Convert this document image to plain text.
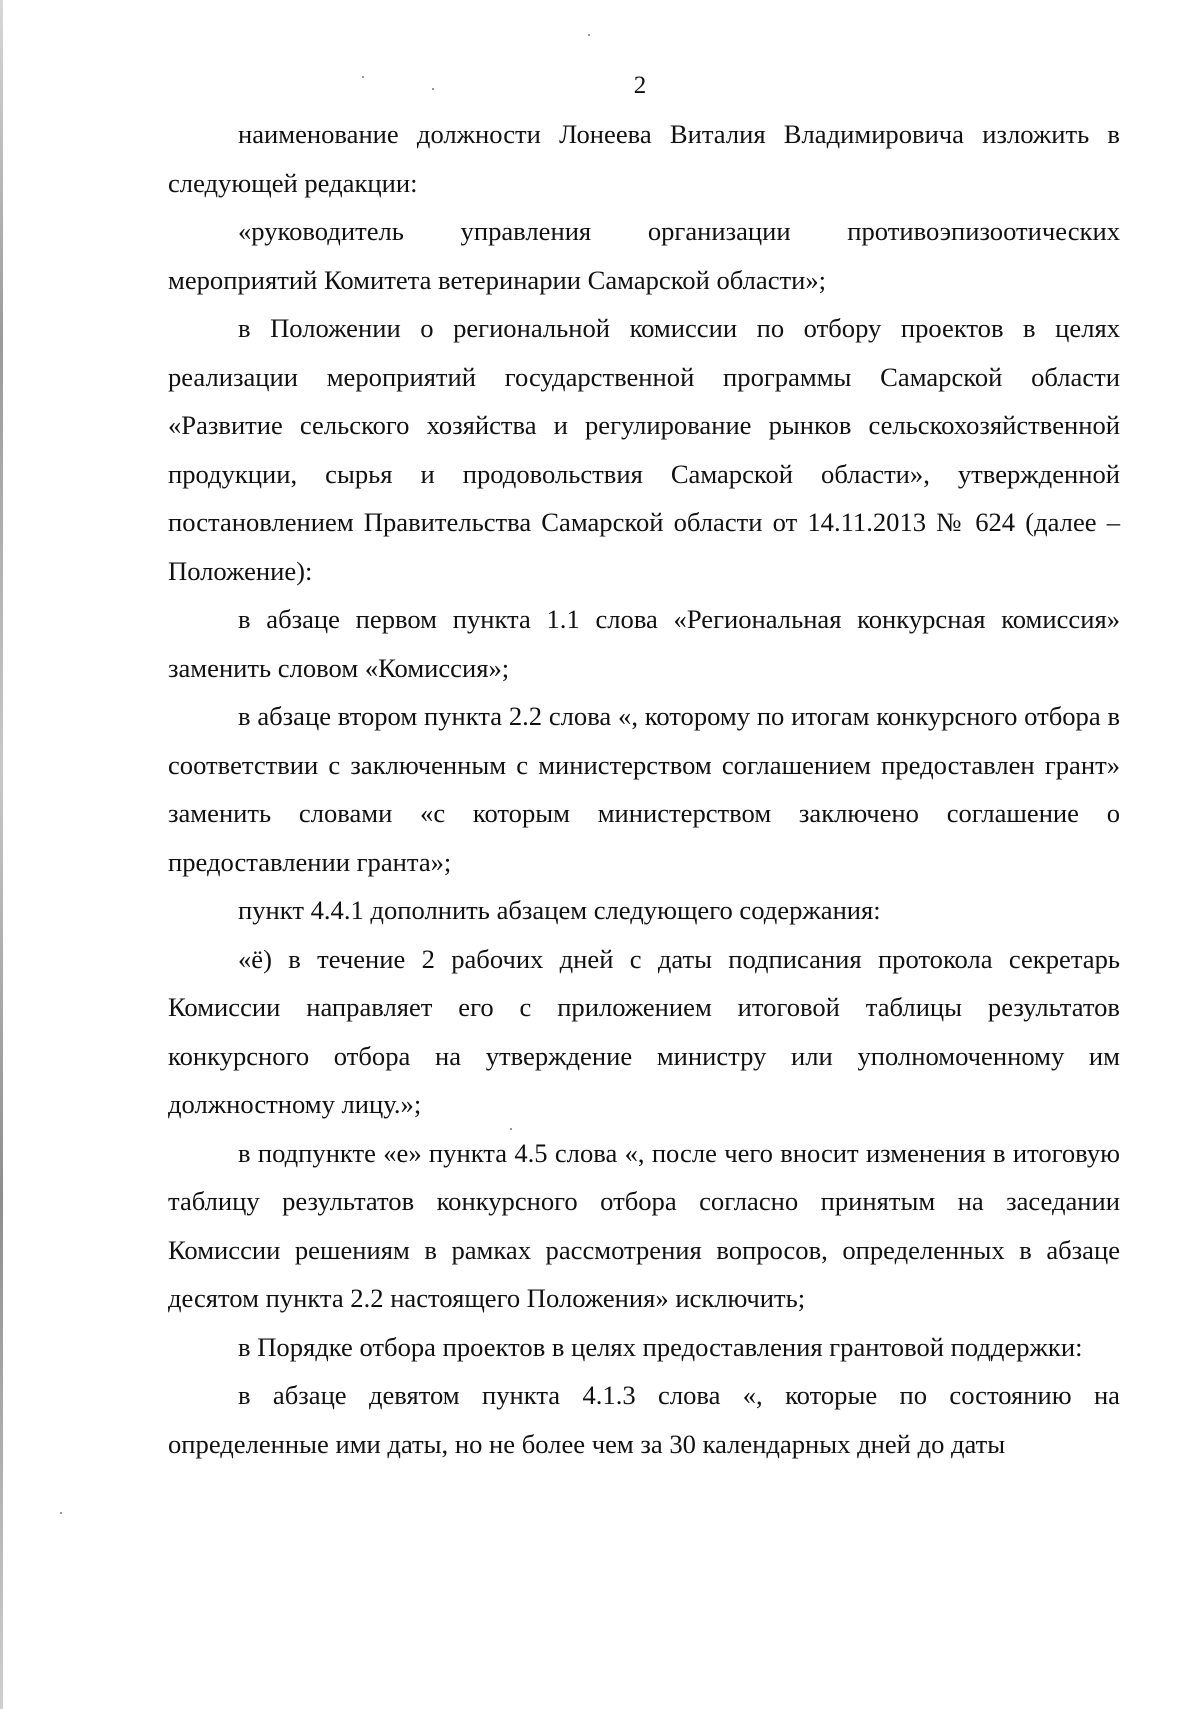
2

наименование должности Лонеева Виталия Владимировича изложить в следующей редакции:

«руководитель управления организации противоэпизоотических мероприятий Комитета ветеринарии Самарской области»;

в Положении о региональной комиссии по отбору проектов в целях реализации мероприятий государственной программы Самарской области «Развитие сельского хозяйства и регулирование рынков сельскохозяйственной продукции, сырья и продовольствия Самарской области», утвержденной постановлением Правительства Самарской области от 14.11.2013 № 624 (далее – Положение):

в абзаце первом пункта 1.1 слова «Региональная конкурсная комиссия» заменить словом «Комиссия»;

в абзаце втором пункта 2.2 слова «, которому по итогам конкурсного отбора в соответствии с заключенным с министерством соглашением предоставлен грант» заменить словами «с которым министерством заключено соглашение о предоставлении гранта»;

пункт 4.4.1 дополнить абзацем следующего содержания:

«ё) в течение 2 рабочих дней с даты подписания протокола секретарь Комиссии направляет его с приложением итоговой таблицы результатов конкурсного отбора на утверждение министру или уполномоченному им должностному лицу.»;

в подпункте «е» пункта 4.5 слова «, после чего вносит изменения в итоговую таблицу результатов конкурсного отбора согласно принятым на заседании Комиссии решениям в рамках рассмотрения вопросов, определенных в абзаце десятом пункта 2.2 настоящего Положения» исключить;

в Порядке отбора проектов в целях предоставления грантовой поддержки:

в абзаце девятом пункта 4.1.3 слова «, которые по состоянию на определенные ими даты, но не более чем за 30 календарных дней до даты
